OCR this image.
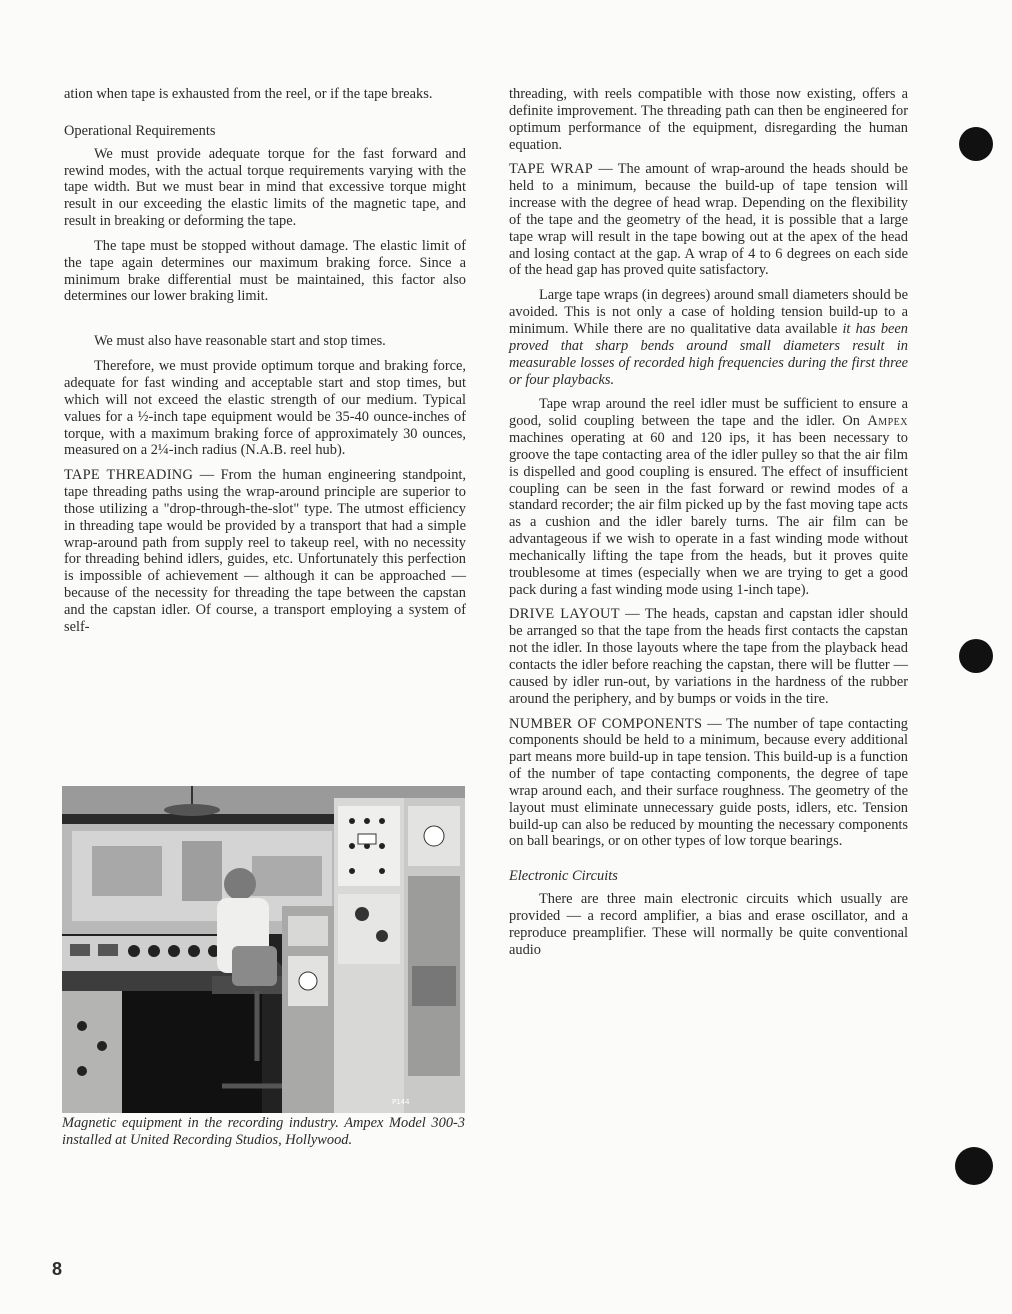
ation when tape is exhausted from the reel, or if the tape breaks.

Operational Requirements

We must provide adequate torque for the fast forward and rewind modes, with the actual torque requirements varying with the tape width. But we must bear in mind that excessive torque might result in our exceeding the elastic limits of the magnetic tape, and result in breaking or deforming the tape.

The tape must be stopped without damage. The elastic limit of the tape again determines our maximum braking force. Since a minimum brake differential must be maintained, this factor also determines our lower braking limit.

We must also have reasonable start and stop times.

Therefore, we must provide optimum torque and braking force, adequate for fast winding and acceptable start and stop times, but which will not exceed the elastic strength of our medium. Typical values for a ½-inch tape equipment would be 35-40 ounce-inches of torque, with a maximum braking force of approximately 30 ounces, measured on a 2¼-inch radius (N.A.B. reel hub).

TAPE THREADING — From the human engineering standpoint, tape threading paths using the wrap-around principle are superior to those utilizing a "drop-through-the-slot" type. The utmost efficiency in threading tape would be provided by a transport that had a simple wrap-around path from supply reel to takeup reel, with no necessity for threading behind idlers, guides, etc. Unfortunately this perfection is impossible of achievement — although it can be approached — because of the necessity for threading the tape between the capstan and the capstan idler. Of course, a transport employing a system of self-

P144
Magnetic equipment in the recording industry. Ampex Model 300-3 installed at United Recording Studios, Hollywood.

threading, with reels compatible with those now existing, offers a definite improvement. The threading path can then be engineered for optimum performance of the equipment, disregarding the human equation.

TAPE WRAP — The amount of wrap-around the heads should be held to a minimum, because the build-up of tape tension will increase with the degree of head wrap. Depending on the flexibility of the tape and the geometry of the head, it is possible that a large tape wrap will result in the tape bowing out at the apex of the head and losing contact at the gap. A wrap of 4 to 6 degrees on each side of the head gap has proved quite satisfactory.

Large tape wraps (in degrees) around small diameters should be avoided. This is not only a case of holding tension build-up to a minimum. While there are no qualitative data available it has been proved that sharp bends around small diameters result in measurable losses of recorded high frequencies during the first three or four playbacks.

Tape wrap around the reel idler must be sufficient to ensure a good, solid coupling between the tape and the idler. On Ampex machines operating at 60 and 120 ips, it has been necessary to groove the tape contacting area of the idler pulley so that the air film is dispelled and good coupling is ensured. The effect of insufficient coupling can be seen in the fast forward or rewind modes of a standard recorder; the air film picked up by the fast moving tape acts as a cushion and the idler barely turns. The air film can be advantageous if we wish to operate in a fast winding mode without mechanically lifting the tape from the heads, but it proves quite troublesome at times (especially when we are trying to get a good pack during a fast winding mode using 1-inch tape).

DRIVE LAYOUT — The heads, capstan and capstan idler should be arranged so that the tape from the heads first contacts the capstan not the idler. In those layouts where the tape from the playback head contacts the idler before reaching the capstan, there will be flutter — caused by idler run-out, by variations in the hardness of the rubber around the periphery, and by bumps or voids in the tire.

NUMBER OF COMPONENTS — The number of tape contacting components should be held to a minimum, because every additional part means more build-up in tape tension. This build-up is a function of the number of tape contacting components, the degree of tape wrap around each, and their surface roughness. The geometry of the layout must eliminate unnecessary guide posts, idlers, etc. Tension build-up can also be reduced by mounting the necessary components on ball bearings, or on other types of low torque bearings.

Electronic Circuits

There are three main electronic circuits which usually are provided — a record amplifier, a bias and erase oscillator, and a reproduce preamplifier. These will normally be quite conventional audio

8
